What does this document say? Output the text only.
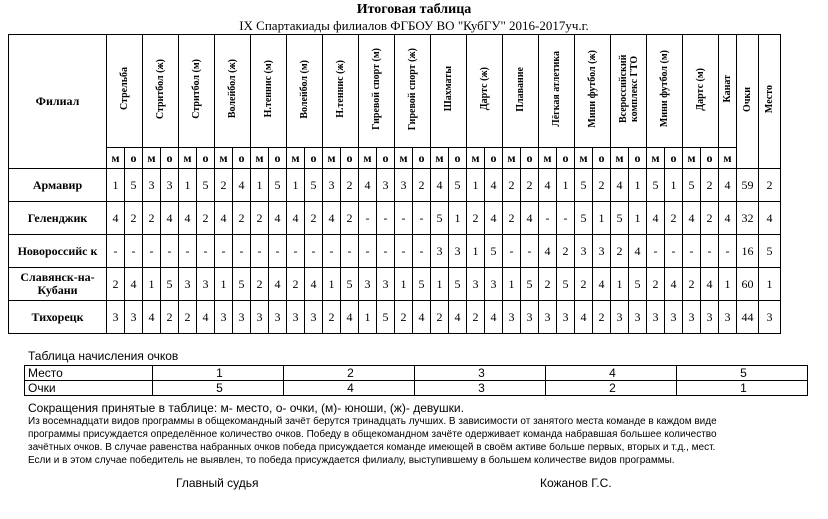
Итоговая таблица
IX Спартакиады филиалов ФГБОУ ВО "КубГУ" 2016-2017уч.г.
Филиал	Стрельба		Стритбол (ж)		Стритбол (м)		Волейбол (ж)		Н.теннис (м)		Волейбол (м)		Н.теннис (ж)		Гиревой спорт (м)		Гиревой спорт (ж)		Шахматы		Дартс (ж)		Плавание		Лёгкая атлетика		Мини футбол (ж)		Всероссийский комплекс ГТО		Мини футбол (м)		Дартс (м)		Канат	Очки	Место
	м	о	м	о	м	о	м	о	м	о	м	о	м	о	м	о	м	о	м	о	м	о	м	о	м	о	м	о	м	о	м	о	м	о	м		
Армавир	1	5	3	3	1	5	2	4	1	5	1	5	3	2	4	3	3	2	4	5	1	4	2	2	4	1	5	2	4	1	5	1	5	2	4	59	2
Геленджик	4	2	2	4	4	2	4	2	2	4	4	2	4	2	-	-	-	-	5	1	2	4	2	4	-	-	5	1	5	1	4	2	4	2	4	32	4
Новороссийс к	-	-	-	-	-	-	-	-	-	-	-	-	-	-	-	-	-	-	3	3	1	5	-	-	4	2	3	3	2	4	-	-	-	-	-	16	5
Славянск-на-Кубани	2	4	1	5	3	3	1	5	2	4	2	4	1	5	3	3	1	5	1	5	3	3	1	5	2	5	2	4	1	5	2	4	2	4	1	60	1
Тихорецк	3	3	4	2	2	4	3	3	3	3	3	3	2	4	1	5	2	4	2	4	2	4	3	3	3	3	4	2	3	3	3	3	3	3	3	44	3
Таблица начисления очков
Место	1	2	3	4	5
Очки	5	4	3	2	1
Сокращения принятые в таблице: м- место, о- очки, (м)- юноши, (ж)- девушки.
Из восемнадцати видов программы в общекомандный зачёт берутся тринадцать лучших. В зависимости от занятого места команде в каждом виде
программы присуждается определённое количество очков. Победу в общекомандном зачёте одерживает команда набравшая большее количество
зачётных очков. В случае равенства набранных очков победа присуждается команде имеющей в своём активе больше первых, вторых и т.д., мест.
Если и в этом случае победитель не выявлен, то победа присуждается филиалу, выступившему в большем количестве видов программы.
Главный судья	Кожанов Г.С.
